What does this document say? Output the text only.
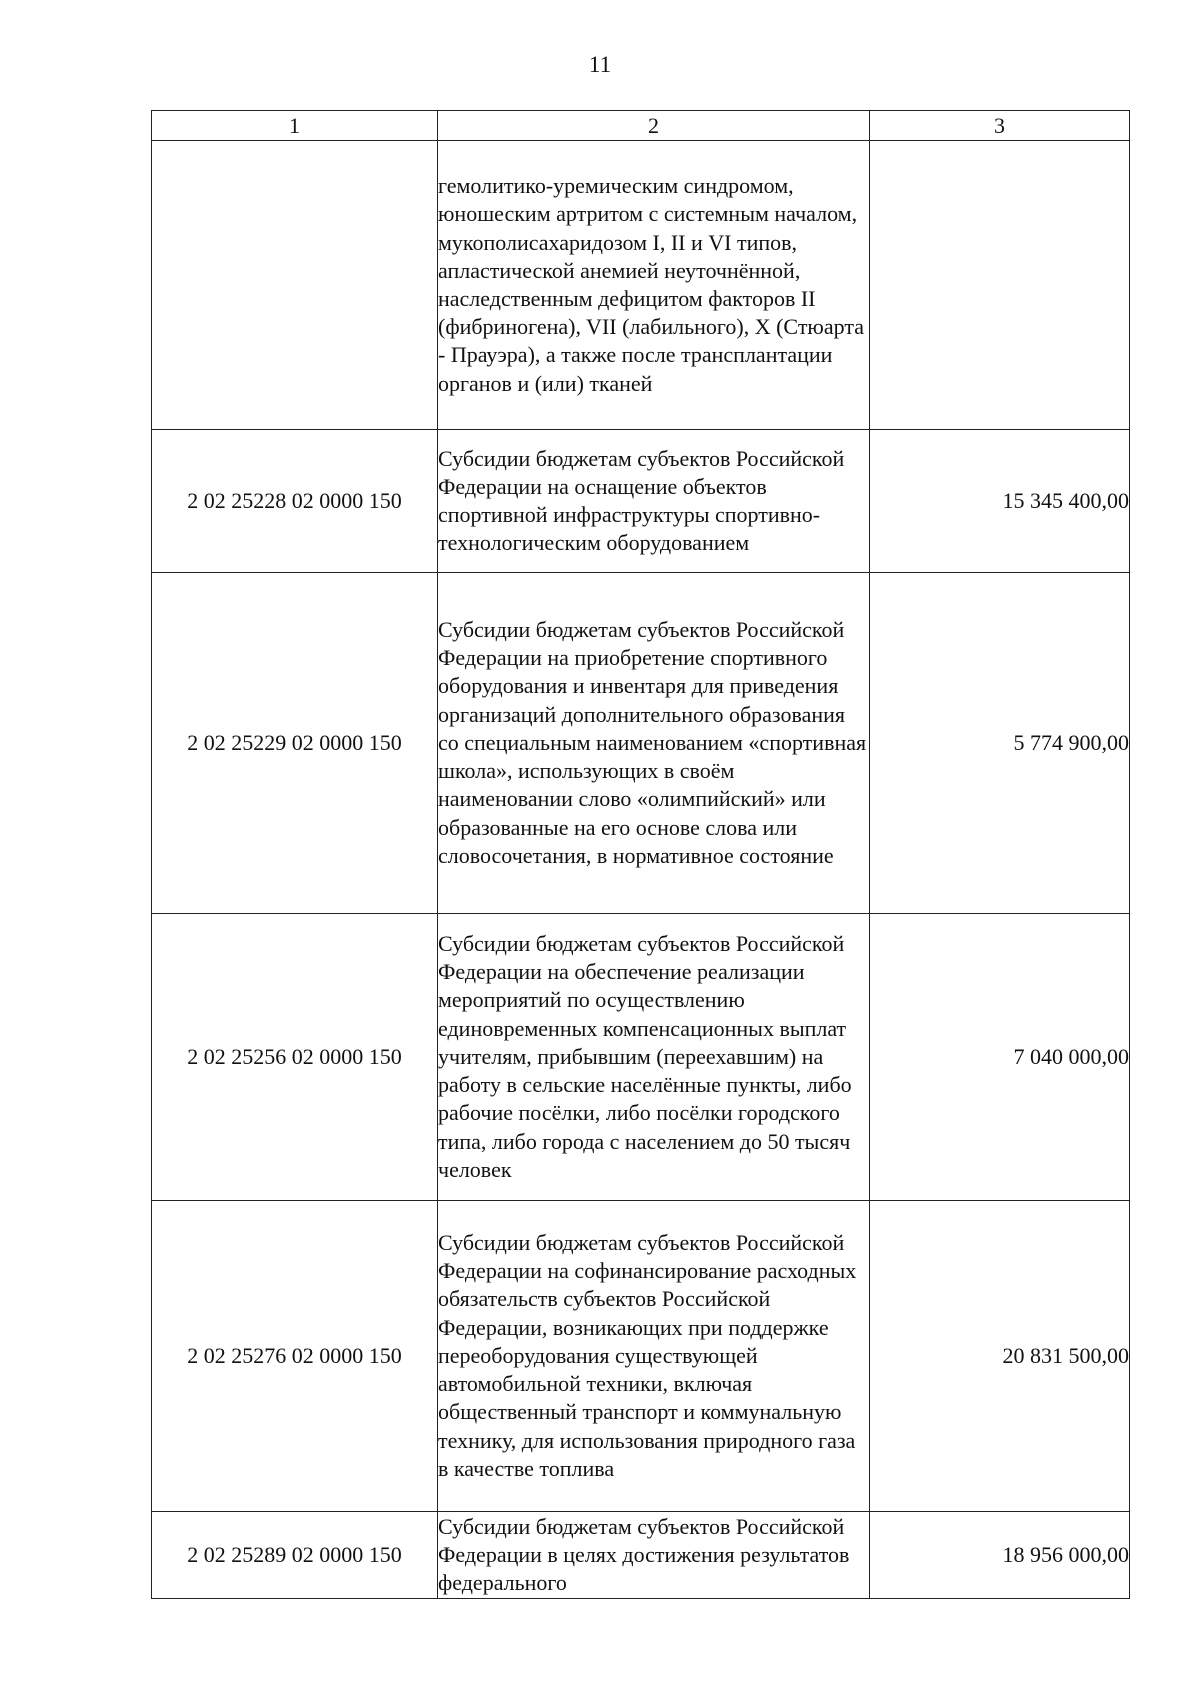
11
1	2	3
	гемолитико-уремическим синдромом, юношеским артритом с системным началом, мукополисахаридозом I, II и VI типов, апластической анемией неуточнённой, наследственным дефицитом факторов II (фибриногена), VII (лабильного), X (Стюарта - Прауэра), а также после трансплантации органов и (или) тканей	
2 02 25228 02 0000 150	Субсидии бюджетам субъектов Российской Федерации на оснащение объектов спортивной инфраструктуры спортивно-технологическим оборудованием	15 345 400,00
2 02 25229 02 0000 150	Субсидии бюджетам субъектов Российской Федерации на приобретение спортивного оборудования и инвентаря для приведения организаций дополнительного образования со специальным наименованием «спортивная школа», использующих в своём наименовании слово «олимпийский» или образованные на его основе слова или словосочетания, в нормативное состояние	5 774 900,00
2 02 25256 02 0000 150	Субсидии бюджетам субъектов Российской Федерации на обеспечение реализации мероприятий по осуществлению единовременных компенсационных выплат учителям, прибывшим (переехавшим) на работу в сельские населённые пункты, либо рабочие посёлки, либо посёлки городского типа, либо города с населением до 50 тысяч человек	7 040 000,00
2 02 25276 02 0000 150	Субсидии бюджетам субъектов Российской Федерации на софинансирование расходных обязательств субъектов Российской Федерации, возникающих при поддержке переоборудования существующей автомобильной техники, включая общественный транспорт и коммунальную технику, для использования природного газа в качестве топлива	20 831 500,00
2 02 25289 02 0000 150	Субсидии бюджетам субъектов Российской Федерации в целях достижения результатов федерального	18 956 000,00
